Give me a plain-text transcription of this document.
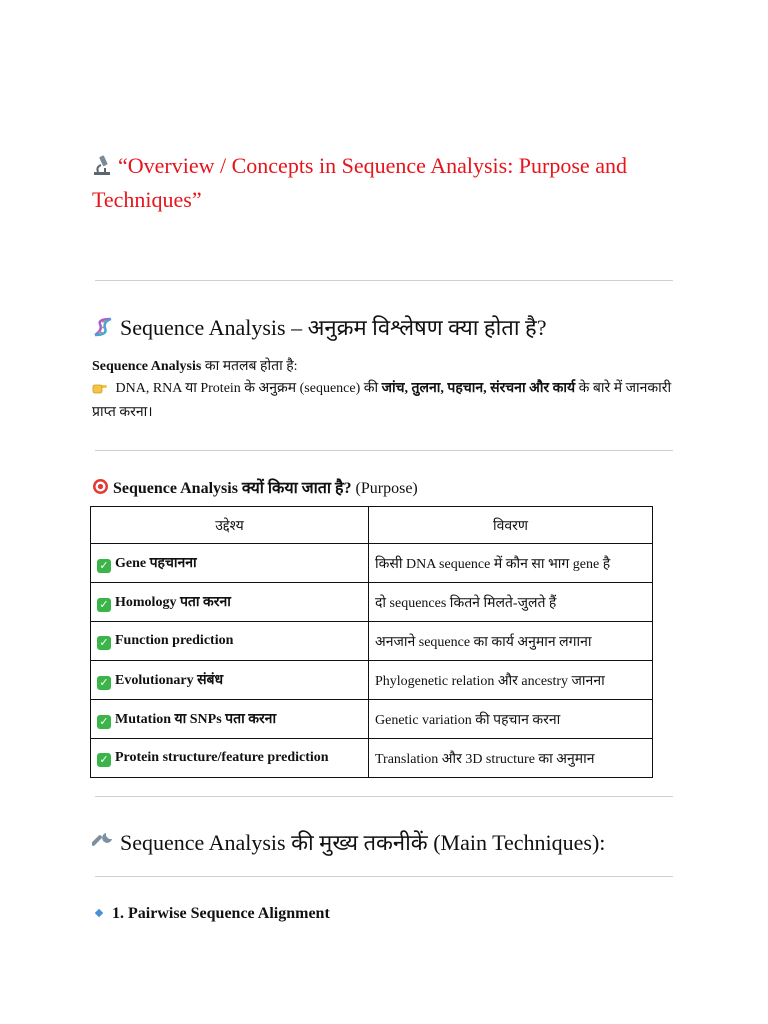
“Overview / Concepts in Sequence Analysis: Purpose and Techniques”
Sequence Analysis – अनुक्रम विश्लेषण क्या होता है?
Sequence Analysis का मतलब होता है:
DNA, RNA या Protein के अनुक्रम (sequence) की जांच, तुलना, पहचान, संरचना और कार्य के बारे में जानकारी प्राप्त करना।
Sequence Analysis क्यों किया जाता है? (Purpose)
उद्देश्य	विवरण
✓ Gene पहचानना	किसी DNA sequence में कौन सा भाग gene है
✓ Homology पता करना	दो sequences कितने मिलते-जुलते हैं
✓ Function prediction	अनजाने sequence का कार्य अनुमान लगाना
✓ Evolutionary संबंध	Phylogenetic relation और ancestry जानना
✓ Mutation या SNPs पता करना	Genetic variation की पहचान करना
✓ Protein structure/feature prediction	Translation और 3D structure का अनुमान
Sequence Analysis की मुख्य तकनीकें (Main Techniques):
1. Pairwise Sequence Alignment
